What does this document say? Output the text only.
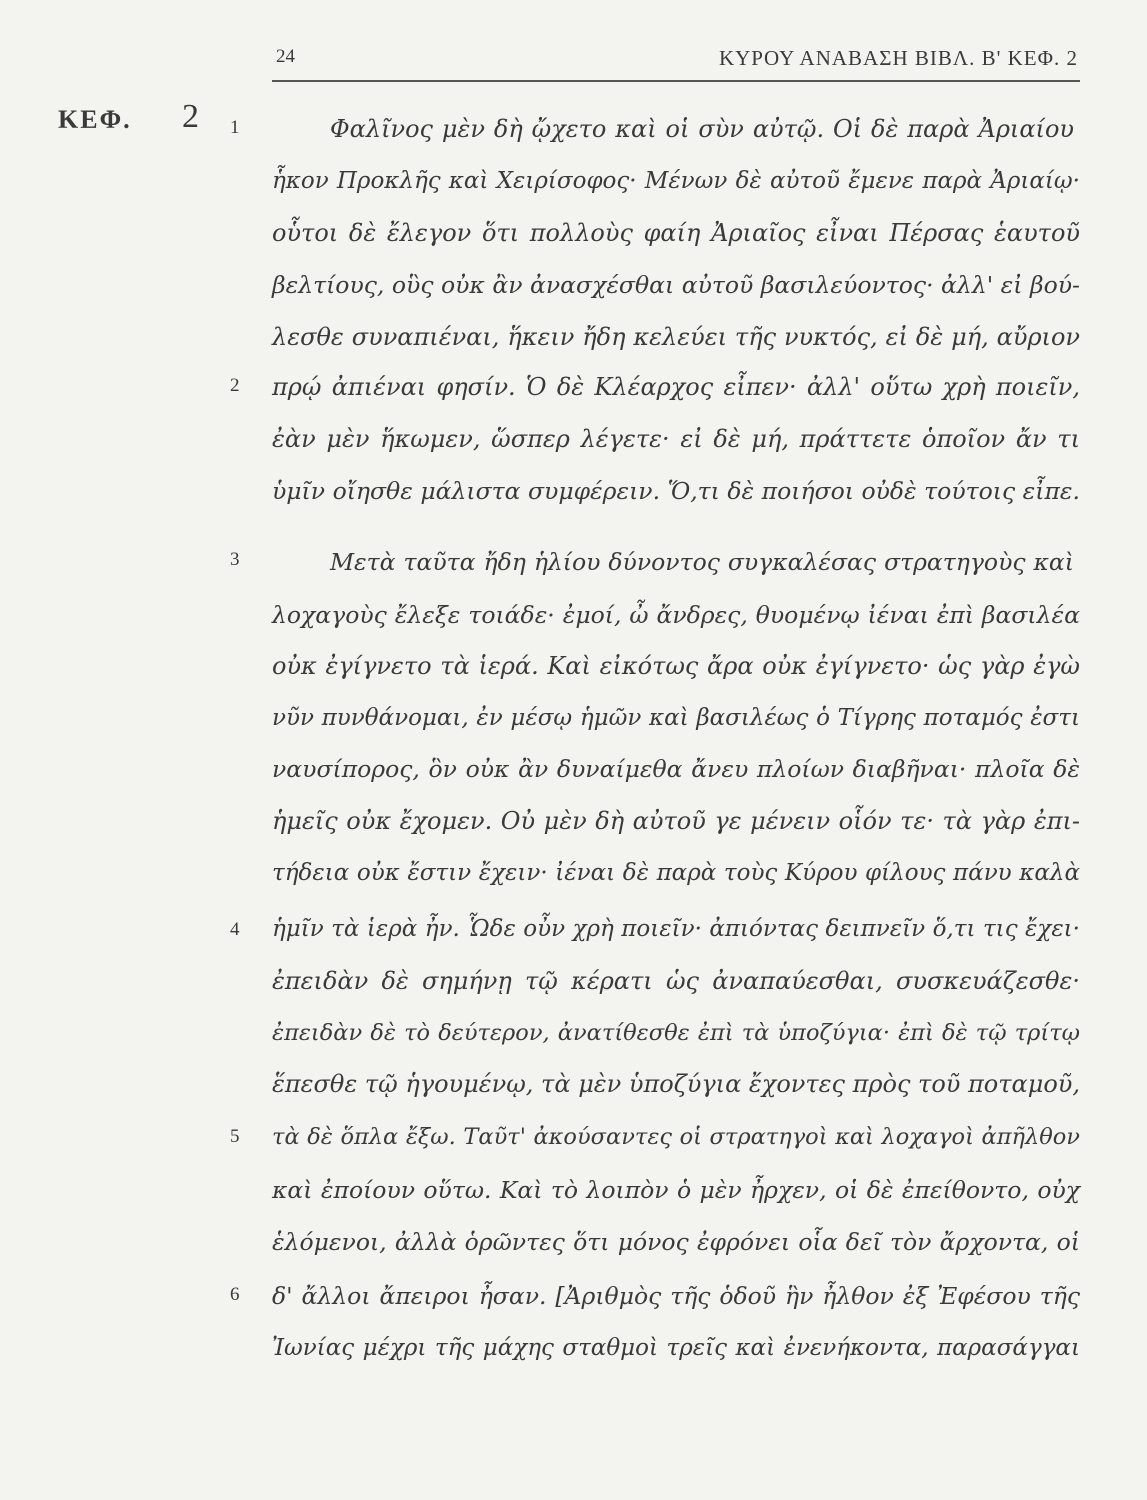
24	ΚΥΡΟΥ ΑΝΑΒΑΣΗ ΒΙΒΛ. Β' ΚΕΦ. 2
ΚΕΦ. 2 1
2
3
4
5
6
Φαλῖνος μὲν δὴ ᾤχετο καὶ οἱ σὺν αὐτῷ. Οἱ δὲ παρὰ Ἀριαίου
ἧκον Προκλῆς καὶ Χειρίσοφος· Μένων δὲ αὐτοῦ ἔμενε παρὰ Ἀριαίῳ·
οὗτοι δὲ ἔλεγον ὅτι πολλοὺς φαίη Ἀριαῖος εἶναι Πέρσας ἑαυτοῦ
βελτίους, οὓς οὐκ ἂν ἀνασχέσθαι αὐτοῦ βασιλεύοντος· ἀλλ' εἰ βού-
λεσθε συναπιέναι, ἥκειν ἤδη κελεύει τῆς νυκτός, εἰ δὲ μή, αὔριον
πρῴ ἀπιέναι φησίν. Ὁ δὲ Κλέαρχος εἶπεν· ἀλλ' οὕτω χρὴ ποιεῖν,
ἐὰν μὲν ἥκωμεν, ὥσπερ λέγετε· εἰ δὲ μή, πράττετε ὁποῖον ἄν τι
ὑμῖν οἴησθε μάλιστα συμφέρειν. Ὅ,τι δὲ ποιήσοι οὐδὲ τούτοις εἶπε.
Μετὰ ταῦτα ἤδη ἡλίου δύνοντος συγκαλέσας στρατηγοὺς καὶ
λοχαγοὺς ἔλεξε τοιάδε· ἐμοί, ὦ ἄνδρες, θυομένῳ ἰέναι ἐπὶ βασιλέα
οὐκ ἐγίγνετο τὰ ἱερά. Καὶ εἰκότως ἄρα οὐκ ἐγίγνετο· ὡς γὰρ ἐγὼ
νῦν πυνθάνομαι, ἐν μέσῳ ἡμῶν καὶ βασιλέως ὁ Τίγρης ποταμός ἐστι
ναυσίπορος, ὃν οὐκ ἂν δυναίμεθα ἄνευ πλοίων διαβῆναι· πλοῖα δὲ
ἡμεῖς οὐκ ἔχομεν. Οὐ μὲν δὴ αὐτοῦ γε μένειν οἷόν τε· τὰ γὰρ ἐπι-
τήδεια οὐκ ἔστιν ἔχειν· ἰέναι δὲ παρὰ τοὺς Κύρου φίλους πάνυ καλὰ
ἡμῖν τὰ ἱερὰ ἦν. Ὧδε οὖν χρὴ ποιεῖν· ἀπιόντας δειπνεῖν ὅ,τι τις ἔχει·
ἐπειδὰν δὲ σημήνῃ τῷ κέρατι ὡς ἀναπαύεσθαι, συσκευάζεσθε·
ἐπειδὰν δὲ τὸ δεύτερον, ἀνατίθεσθε ἐπὶ τὰ ὑποζύγια· ἐπὶ δὲ τῷ τρίτῳ
ἕπεσθε τῷ ἡγουμένῳ, τὰ μὲν ὑποζύγια ἔχοντες πρὸς τοῦ ποταμοῦ,
τὰ δὲ ὅπλα ἔξω. Ταῦτ' ἀκούσαντες οἱ στρατηγοὶ καὶ λοχαγοὶ ἀπῆλθον
καὶ ἐποίουν οὕτω. Καὶ τὸ λοιπὸν ὁ μὲν ἦρχεν, οἱ δὲ ἐπείθοντο, οὐχ
ἑλόμενοι, ἀλλὰ ὁρῶντες ὅτι μόνος ἐφρόνει οἷα δεῖ τὸν ἄρχοντα, οἱ
δ' ἄλλοι ἄπειροι ἦσαν. [Ἀριθμὸς τῆς ὁδοῦ ἣν ἦλθον ἐξ Ἐφέσου τῆς
Ἰωνίας μέχρι τῆς μάχης σταθμοὶ τρεῖς καὶ ἐνενήκοντα, παρασάγγαι
